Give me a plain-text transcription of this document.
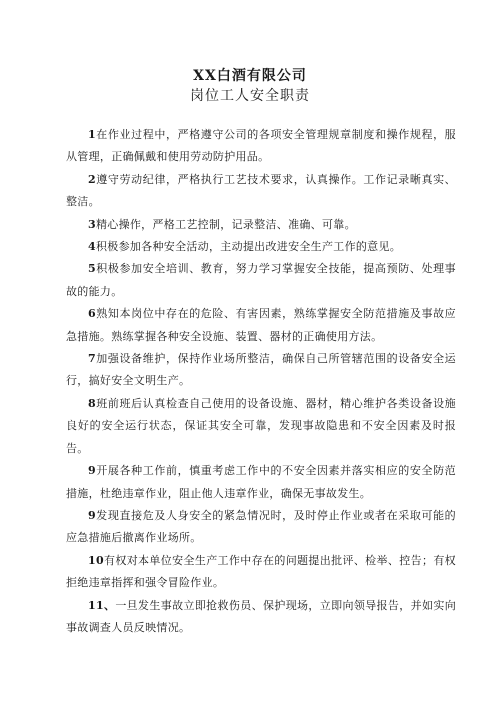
XX白酒有限公司

岗位工人安全职责

1在作业过程中，严格遵守公司的各项安全管理规章制度和操作规程，服从管理，正确佩戴和使用劳动防护用品。

2遵守劳动纪律，严格执行工艺技术要求，认真操作。工作记录晰真实、整洁。

3精心操作，严格工艺控制，记录整洁、准确、可靠。

4积极参加各种安全活动，主动提出改进安全生产工作的意见。

5积极参加安全培训、教育，努力学习掌握安全技能，提高预防、处理事故的能力。

6熟知本岗位中存在的危险、有害因素，熟练掌握安全防范措施及事故应急措施。熟练掌握各种安全设施、装置、器材的正确使用方法。

7加强设备维护，保持作业场所整洁，确保自己所管辖范围的设备安全运行，搞好安全文明生产。

8班前班后认真检查自己使用的设备设施、器材，精心维护各类设备设施良好的安全运行状态，保证其安全可靠，发现事故隐患和不安全因素及时报告。

9开展各种工作前，慎重考虑工作中的不安全因素并落实相应的安全防范措施，杜绝违章作业，阻止他人违章作业，确保无事故发生。

9发现直接危及人身安全的紧急情况时，及时停止作业或者在采取可能的应急措施后撤离作业场所。

10有权对本单位安全生产工作中存在的问题提出批评、检举、控告；有权拒绝违章指挥和强令冒险作业。

11、一旦发生事故立即抢救伤员、保护现场，立即向领导报告，并如实向事故调查人员反映情况。
